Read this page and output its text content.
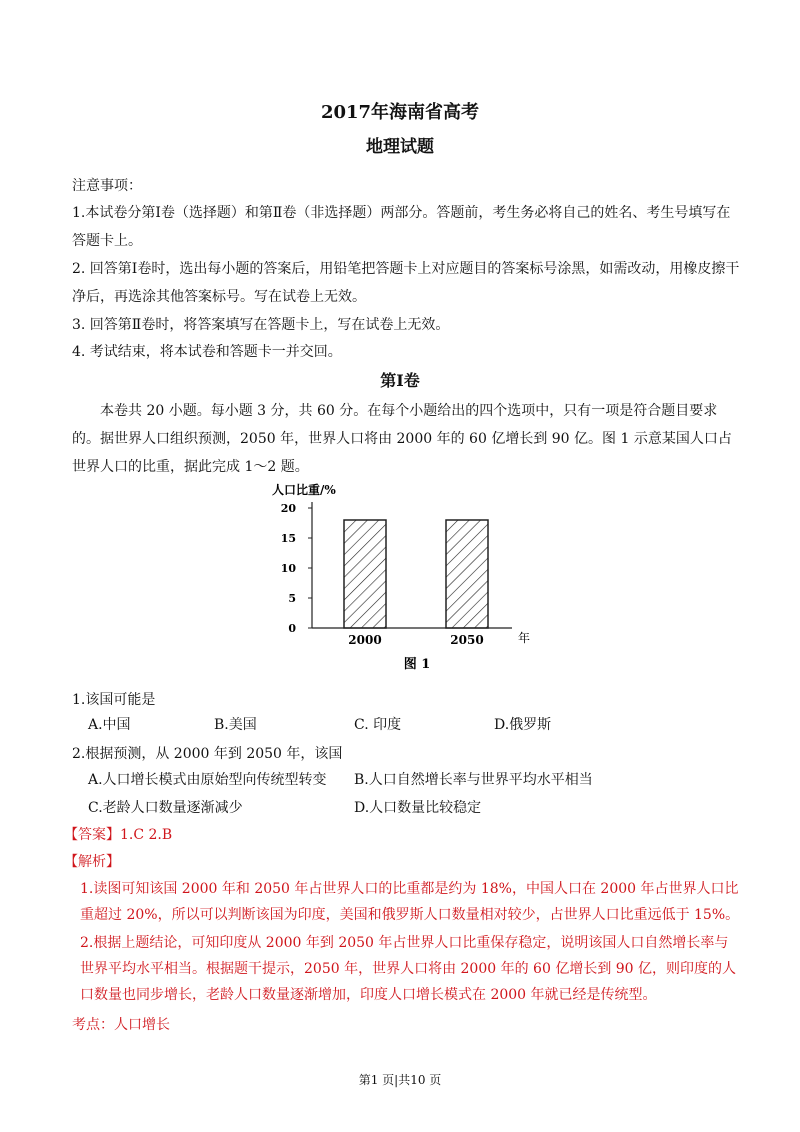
2017年海南省高考
地理试题
注意事项：

1.本试卷分第Ⅰ卷（选择题）和第Ⅱ卷（非选择题）两部分。答题前，考生务必将自己的姓名、考生号填写在答题卡上。

2. 回答第Ⅰ卷时，选出每小题的答案后，用铅笔把答题卡上对应题目的答案标号涂黑，如需改动，用橡皮擦干净后，再选涂其他答案标号。写在试卷上无效。

3. 回答第Ⅱ卷时，将答案填写在答题卡上，写在试卷上无效。

4. 考试结束，将本试卷和答题卡一并交回。

第Ⅰ卷

本卷共 20 小题。每小题 3 分，共 60 分。在每个小题给出的四个选项中，只有一项是符合题目要求的。 据世界人口组织预测，2050 年，世界人口将由 2000 年的 60 亿增长到 90 亿。图 1 示意某国人口占世界人口的比重，据此完成 1～2 题。

人口比重/%
0
5
10
15
20
2000	2050	年
图 1
1.该国可能是
A.中国	B.美国	C. 印度	D.俄罗斯
2.根据预测，从 2000 年到 2050 年，该国
A.人口增长模式由原始型向传统型转变 B.人口自然增长率与世界平均水平相当
C.老龄人口数量逐渐减少	D.人口数量比较稳定
【答案】1.C 2.B
【解析】

1.读图可知该国 2000 年和 2050 年占世界人口的比重都是约为 18%，中国人口在 2000 年占世界人口比重超过 20%，所以可以判断该国为印度，美国和俄罗斯人口数量相对较少，占世界人口比重远低于 15%。

2.根据上题结论，可知印度从 2000 年到 2050 年占世界人口比重保存稳定，说明该国人口自然增长率与世界平均水平相当。根据题干提示，2050 年，世界人口将由 2000 年的 60 亿增长到 90 亿，则印度的人口数量也同步增长，老龄人口数量逐渐增加，印度人口增长模式在 2000 年就已经是传统型。

考点：人口增长
第1 页|共10 页
